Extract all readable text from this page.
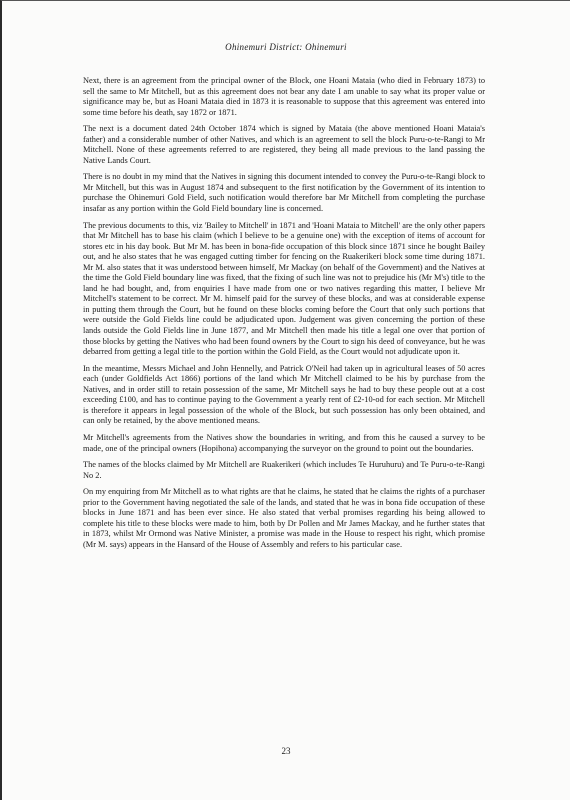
Ohinemuri District: Ohinemuri

Next, there is an agreement from the principal owner of the Block, one Hoani Mataia (who died in February 1873) to sell the same to Mr Mitchell, but as this agreement does not bear any date I am unable to say what its proper value or significance may be, but as Hoani Mataia died in 1873 it is reasonable to suppose that this agreement was entered into some time before his death, say 1872 or 1871.

The next is a document dated 24th October 1874 which is signed by Mataia (the above mentioned Hoani Mataia's father) and a considerable number of other Natives, and which is an agreement to sell the block Puru-o-te-Rangi to Mr Mitchell. None of these agreements referred to are registered, they being all made previous to the land passing the Native Lands Court.

There is no doubt in my mind that the Natives in signing this document intended to convey the Puru-o-te-Rangi block to Mr Mitchell, but this was in August 1874 and subsequent to the first notification by the Government of its intention to purchase the Ohinemuri Gold Field, such notification would therefore bar Mr Mitchell from completing the purchase insafar as any portion within the Gold Field boundary line is concerned.

The previous documents to this, viz 'Bailey to Mitchell' in 1871 and 'Hoani Mataia to Mitchell' are the only other papers that Mr Mitchell has to base his claim (which I believe to be a genuine one) with the exception of items of account for stores etc in his day book. But Mr M. has been in bona-fide occupation of this block since 1871 since he bought Bailey out, and he also states that he was engaged cutting timber for fencing on the Ruakerikeri block some time during 1871. Mr M. also states that it was understood between himself, Mr Mackay (on behalf of the Government) and the Natives at the time the Gold Field boundary line was fixed, that the fixing of such line was not to prejudice his (Mr M's) title to the land he had bought, and, from enquiries I have made from one or two natives regarding this matter, I believe Mr Mitchell's statement to be correct. Mr M. himself paid for the survey of these blocks, and was at considerable expense in putting them through the Court, but he found on these blocks coming before the Court that only such portions that were outside the Gold Fields line could be adjudicated upon. Judgement was given concerning the portion of these lands outside the Gold Fields line in June 1877, and Mr Mitchell then made his title a legal one over that portion of those blocks by getting the Natives who had been found owners by the Court to sign his deed of conveyance, but he was debarred from getting a legal title to the portion within the Gold Field, as the Court would not adjudicate upon it.

In the meantime, Messrs Michael and John Hennelly, and Patrick O'Neil had taken up in agricultural leases of 50 acres each (under Goldfields Act 1866) portions of the land which Mr Mitchell claimed to be his by purchase from the Natives, and in order still to retain possession of the same, Mr Mitchell says he had to buy these people out at a cost exceeding £100, and has to continue paying to the Government a yearly rent of £2-10-od for each section. Mr Mitchell is therefore it appears in legal possession of the whole of the Block, but such possession has only been obtained, and can only be retained, by the above mentioned means.

Mr Mitchell's agreements from the Natives show the boundaries in writing, and from this he caused a survey to be made, one of the principal owners (Hopihona) accompanying the surveyor on the ground to point out the boundaries.

The names of the blocks claimed by Mr Mitchell are Ruakerikeri (which includes Te Huruhuru) and Te Puru-o-te-Rangi No 2.

On my enquiring from Mr Mitchell as to what rights are that he claims, he stated that he claims the rights of a purchaser prior to the Government having negotiated the sale of the lands, and stated that he was in bona fide occupation of these blocks in June 1871 and has been ever since. He also stated that verbal promises regarding his being allowed to complete his title to these blocks were made to him, both by Dr Pollen and Mr James Mackay, and he further states that in 1873, whilst Mr Ormond was Native Minister, a promise was made in the House to respect his right, which promise (Mr M. says) appears in the Hansard of the House of Assembly and refers to his particular case.

23
